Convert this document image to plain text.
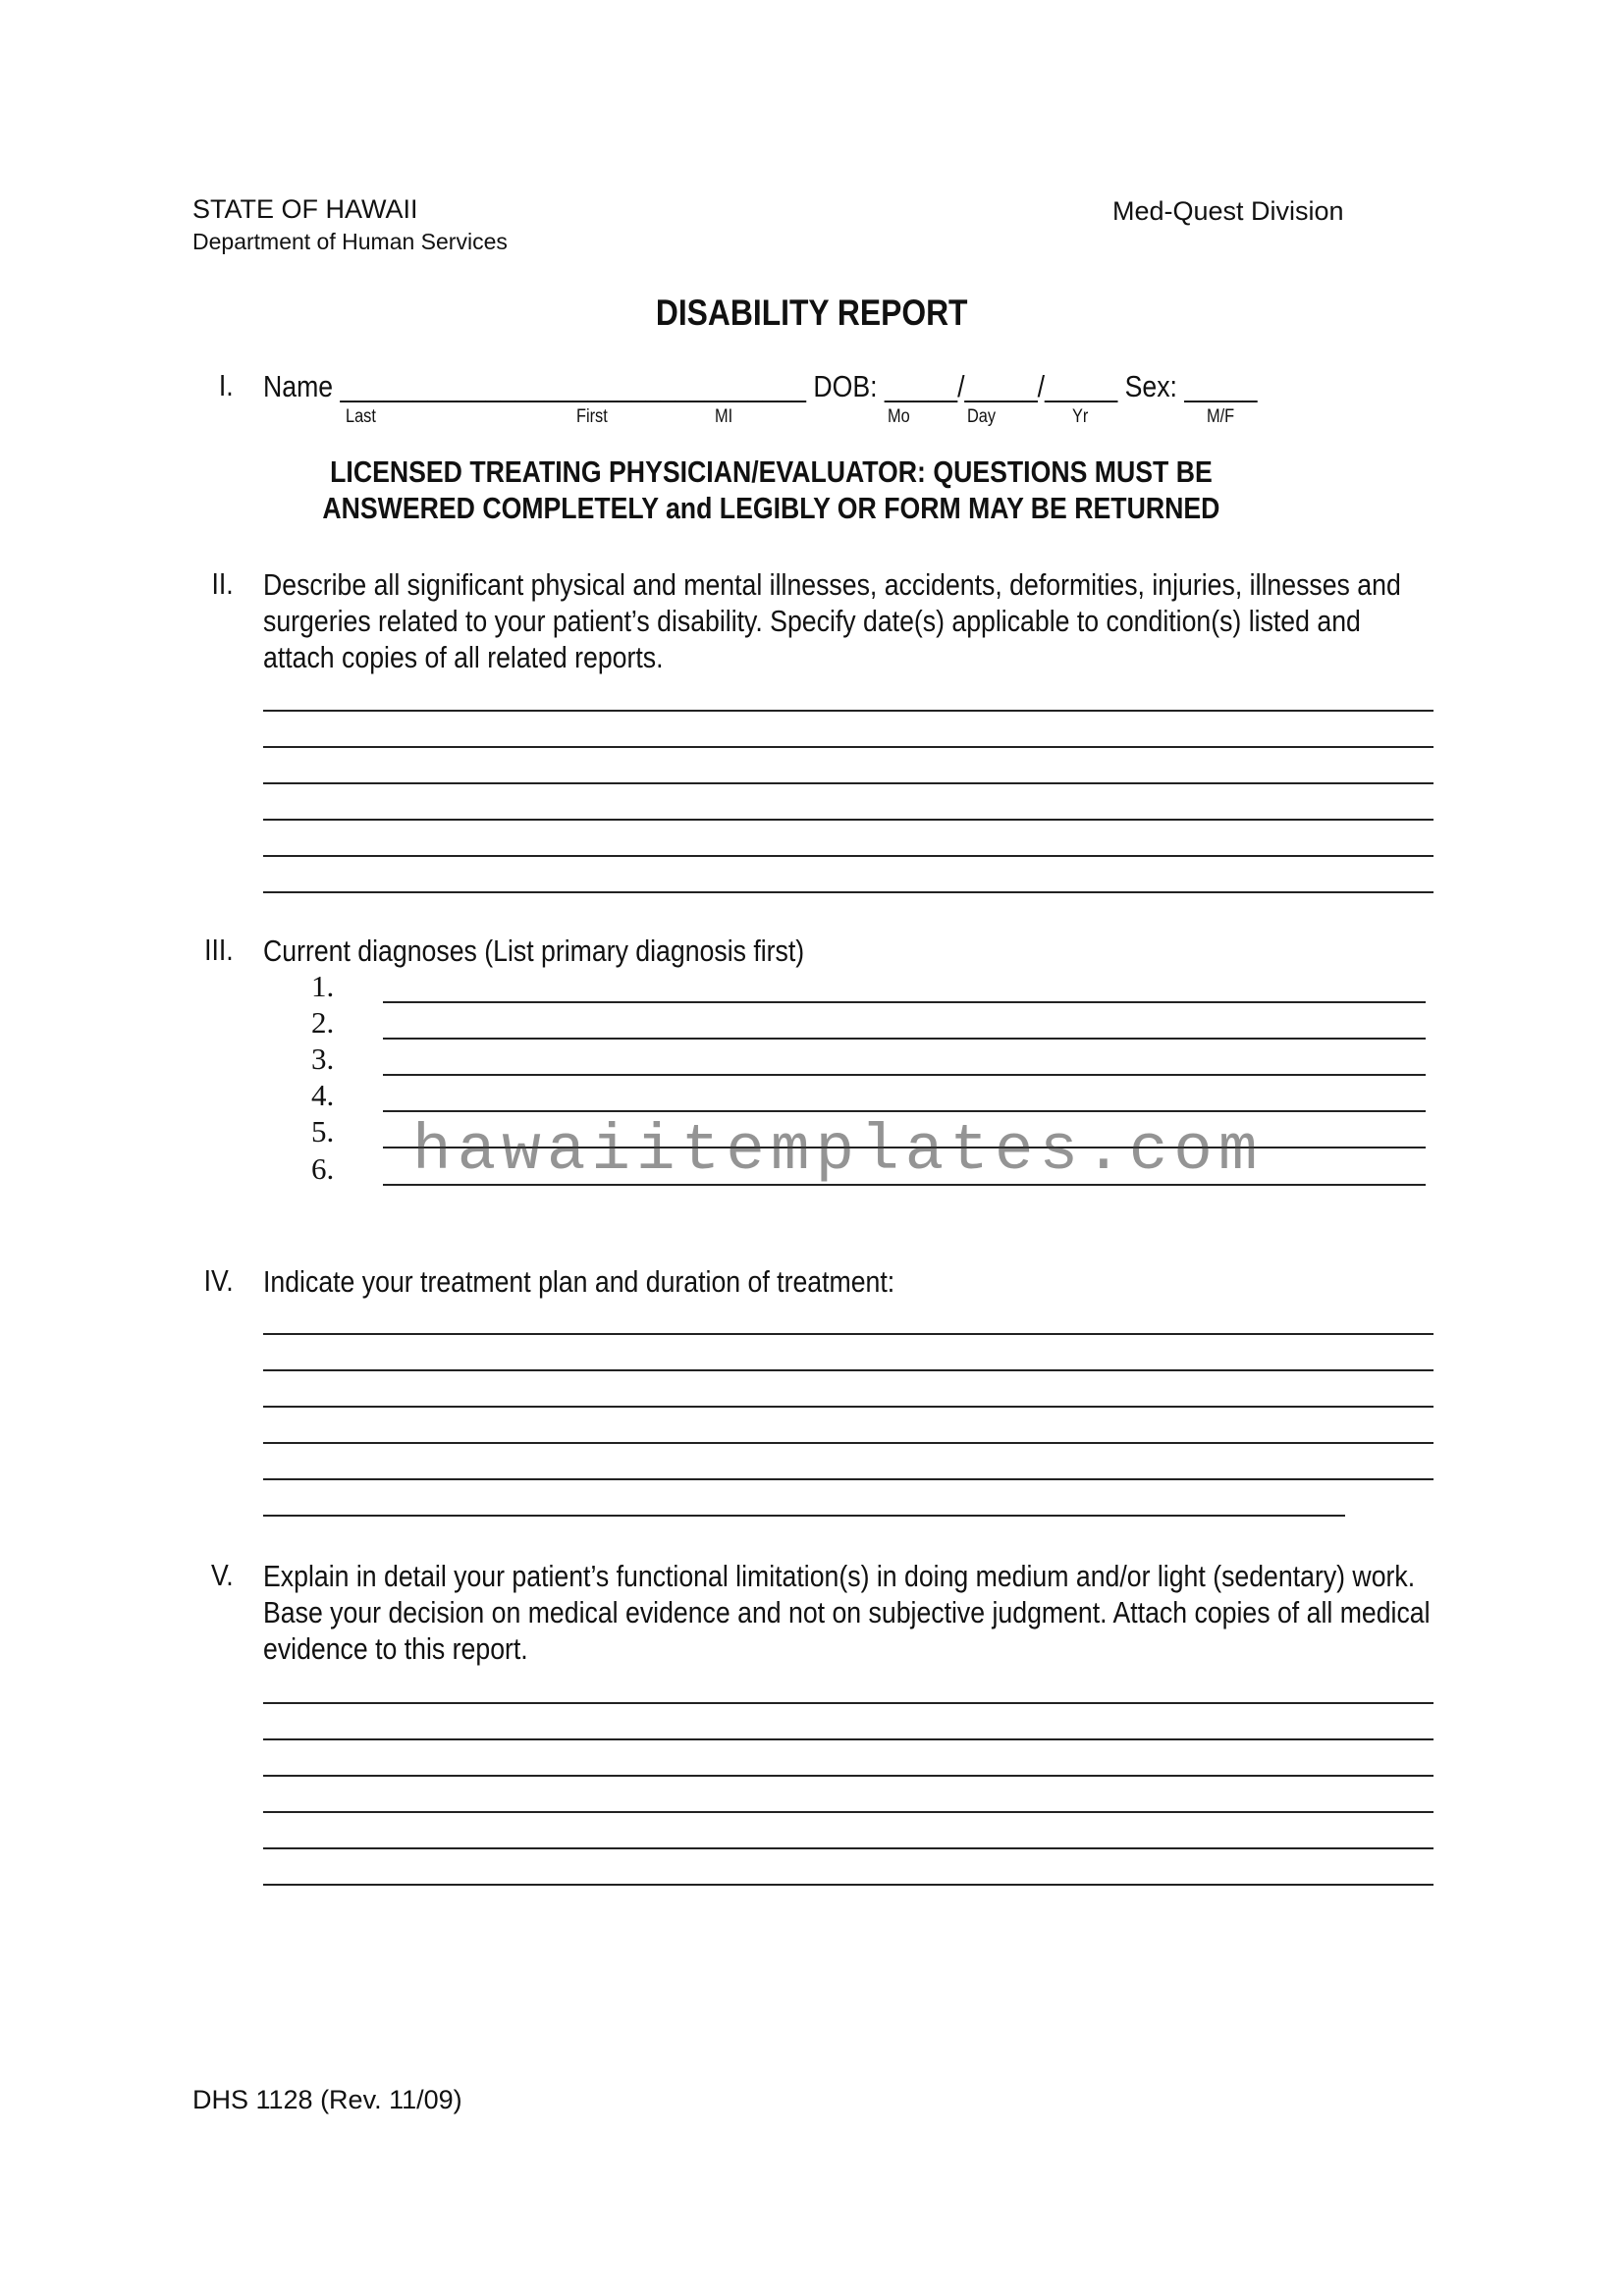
STATE OF HAWAII
Department of Human Services
Med-Quest Division
DISABILITY REPORT
I. Name ________________________________ DOB: _____/_____/_____ Sex: _____
Last	First	MI	Mo	Day	Yr	M/F
LICENSED TREATING PHYSICIAN/EVALUATOR: QUESTIONS MUST BE
ANSWERED COMPLETELY and LEGIBLY OR FORM MAY BE RETURNED
II. Describe all significant physical and mental illnesses, accidents, deformities, injuries, illnesses and
surgeries related to your patient’s disability. Specify date(s) applicable to condition(s) listed and
attach copies of all related reports.
III. Current diagnoses (List primary diagnosis first)
1.
2.
3.
4.
5.
6. hawaiitemplates.com
IV. Indicate your treatment plan and duration of treatment:
V. Explain in detail your patient’s functional limitation(s) in doing medium and/or light (sedentary) work.
Base your decision on medical evidence and not on subjective judgment. Attach copies of all medical
evidence to this report.
DHS 1128 (Rev. 11/09)
